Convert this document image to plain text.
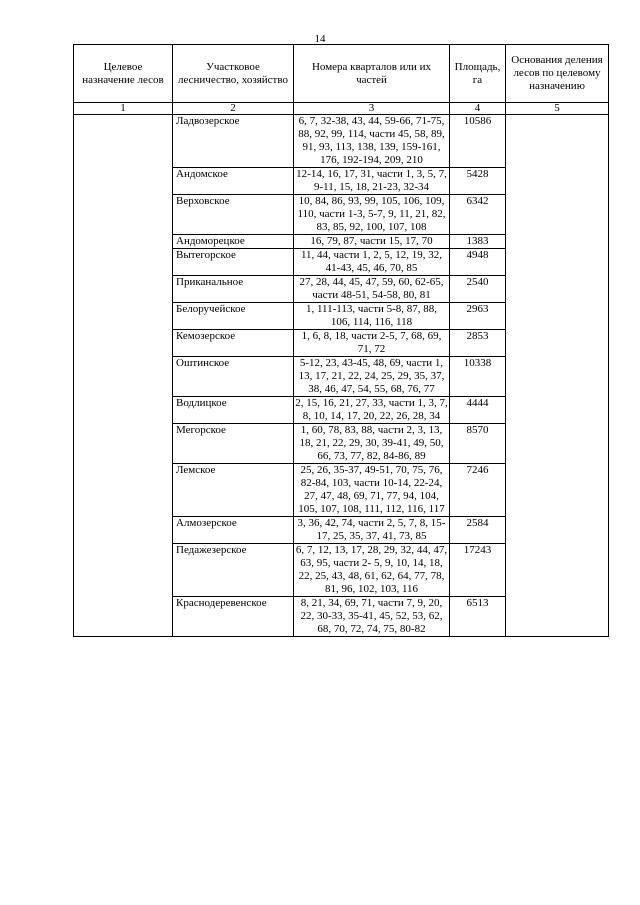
14
Целевое назначение лесов	Участковое лесничество, хозяйство	Номера кварталов или их частей	Площадь, га	Основания деления лесов по целевому назначению
1	2	3	4	5
	Ладвозерское	6, 7, 32-38, 43, 44, 59-66, 71-75, 88, 92, 99, 114, части 45, 58, 89, 91, 93, 113, 138, 139, 159-161, 176, 192-194, 209, 210	10586	
	Андомское	12-14, 16, 17, 31, части 1, 3, 5, 7, 9-11, 15, 18, 21-23, 32-34	5428	
	Верховское	10, 84, 86, 93, 99, 105, 106, 109, 110, части 1-3, 5-7, 9, 11, 21, 82, 83, 85, 92, 100, 107, 108	6342	
	Андоморецкое	16, 79, 87, части 15, 17, 70	1383	
	Вытегорское	11, 44, части 1, 2, 5, 12, 19, 32, 41-43, 45, 46, 70, 85	4948	
	Приканальное	27, 28, 44, 45, 47, 59, 60, 62-65, части 48-51, 54-58, 80, 81	2540	
	Белоручейское	1, 111-113, части 5-8, 87, 88, 106, 114, 116, 118	2963	
	Кемозерское	1, 6, 8, 18, части 2-5, 7, 68, 69, 71, 72	2853	
	Оштинское	5-12, 23, 43-45, 48, 69, части 1, 13, 17, 21, 22, 24, 25, 29, 35, 37, 38, 46, 47, 54, 55, 68, 76, 77	10338	
	Водлицкое	2, 15, 16, 21, 27, 33, части 1, 3, 7, 8, 10, 14, 17, 20, 22, 26, 28, 34	4444	
	Мегорское	1, 60, 78, 83, 88, части 2, 3, 13, 18, 21, 22, 29, 30, 39-41, 49, 50, 66, 73, 77, 82, 84-86, 89	8570	
	Лемское	25, 26, 35-37, 49-51, 70, 75, 76, 82-84, 103, части 10-14, 22-24, 27, 47, 48, 69, 71, 77, 94, 104, 105, 107, 108, 111, 112, 116, 117	7246	
	Алмозерское	3, 36, 42, 74, части 2, 5, 7, 8, 15-17, 25, 35, 37, 41, 73, 85	2584	
	Педажезерское	6, 7, 12, 13, 17, 28, 29, 32, 44, 47, 63, 95, части 2- 5, 9, 10, 14, 18, 22, 25, 43, 48, 61, 62, 64, 77, 78, 81, 96, 102, 103, 116	17243	
	Краснодеревенское	8, 21, 34, 69, 71, части 7, 9, 20, 22, 30-33, 35-41, 45, 52, 53, 62, 68, 70, 72, 74, 75, 80-82	6513	
